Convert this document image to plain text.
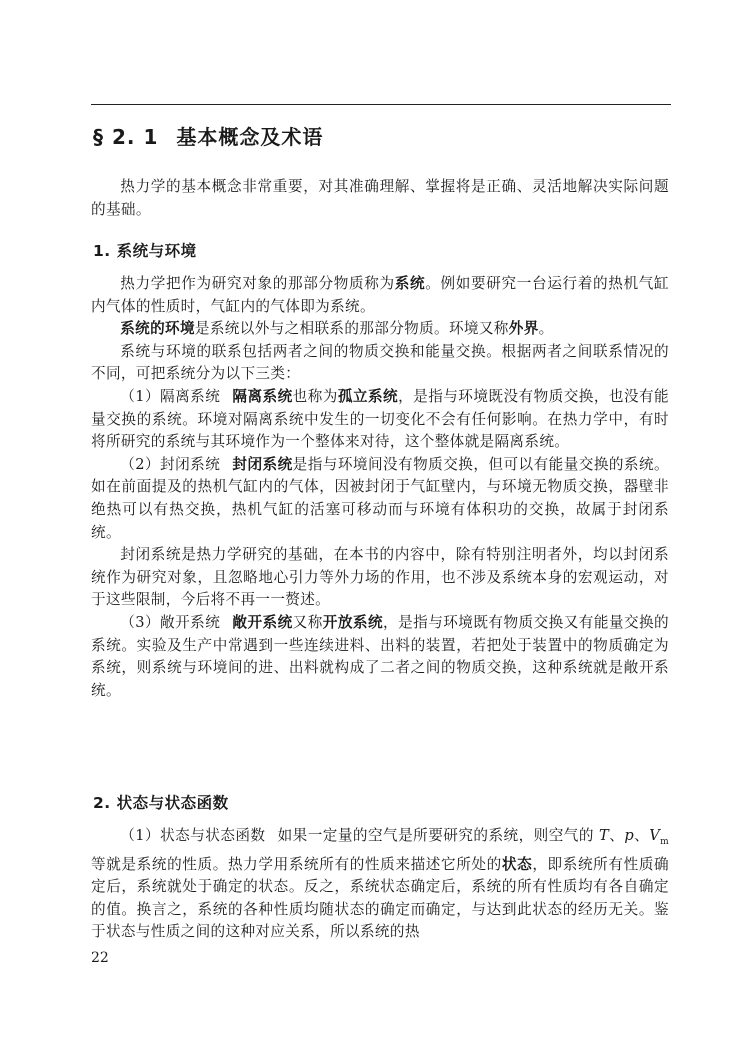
§ 2. 1 基本概念及术语

热力学的基本概念非常重要，对其准确理解、掌握将是正确、灵活地解决实际问题的基础。

1. 系统与环境

热力学把作为研究对象的那部分物质称为系统。例如要研究一台运行着的热机气缸内气体的性质时，气缸内的气体即为系统。

系统的环境是系统以外与之相联系的那部分物质。环境又称外界。

系统与环境的联系包括两者之间的物质交换和能量交换。根据两者之间联系情况的不同，可把系统分为以下三类：

（1）隔离系统 隔离系统也称为孤立系统，是指与环境既没有物质交换，也没有能量交换的系统。环境对隔离系统中发生的一切变化不会有任何影响。在热力学中，有时将所研究的系统与其环境作为一个整体来对待，这个整体就是隔离系统。

（2）封闭系统 封闭系统是指与环境间没有物质交换，但可以有能量交换的系统。如在前面提及的热机气缸内的气体，因被封闭于气缸壁内，与环境无物质交换，器壁非绝热可以有热交换，热机气缸的活塞可移动而与环境有体积功的交换，故属于封闭系统。

封闭系统是热力学研究的基础，在本书的内容中，除有特别注明者外，均以封闭系统作为研究对象，且忽略地心引力等外力场的作用，也不涉及系统本身的宏观运动，对于这些限制，今后将不再一一赘述。

（3）敞开系统 敞开系统又称开放系统，是指与环境既有物质交换又有能量交换的系统。实验及生产中常遇到一些连续进料、出料的装置，若把处于装置中的物质确定为系统，则系统与环境间的进、出料就构成了二者之间的物质交换，这种系统就是敞开系统。

2. 状态与状态函数

（1）状态与状态函数 如果一定量的空气是所要研究的系统，则空气的 T、p、$V_m$ 等就是系统的性质。热力学用系统所有的性质来描述它所处的状态，即系统所有性质确定后，系统就处于确定的状态。反之，系统状态确定后，系统的所有性质均有各自确定的值。换言之，系统的各种性质均随状态的确定而确定，与达到此状态的经历无关。鉴于状态与性质之间的这种对应关系，所以系统的热

22
